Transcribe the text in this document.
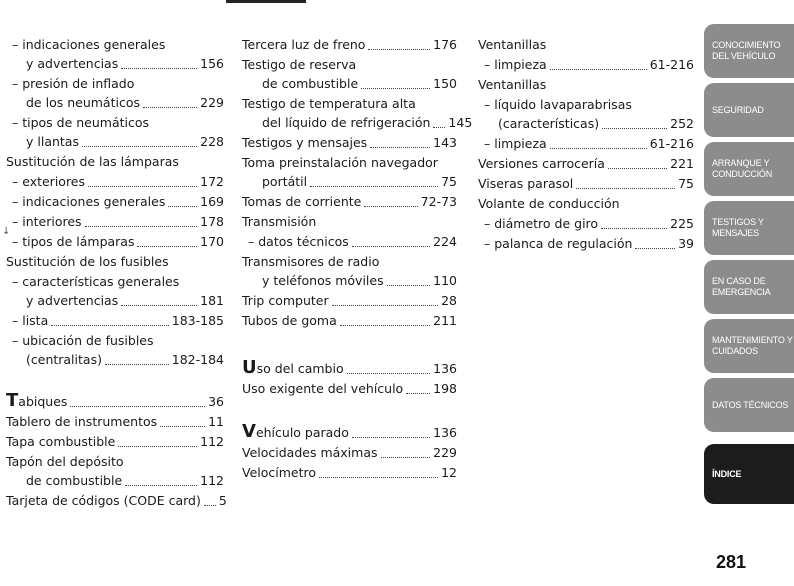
↓
– indicaciones generales
y advertencias	156
– presión de inflado
de los neumáticos	229
– tipos de neumáticos
y llantas	228
Sustitución de las lámparas
– exteriores	172
– indicaciones generales	169
– interiores	178
– tipos de lámparas	170
Sustitución de los fusibles
– características generales
y advertencias	181
– lista	183-185
– ubicación de fusibles
(centralitas)	182-184
Tabiques	36
Tablero de instrumentos	11
Tapa combustible	112
Tapón del depósito
de combustible	112
Tarjeta de códigos (CODE card) 5
Tercera luz de freno	176
Testigo de reserva
de combustible	150
Testigo de temperatura alta
del líquido de refrigeración 145
Testigos y mensajes	143
Toma preinstalación navegador
portátil	75
Tomas de corriente	72-73
Transmisión
– datos técnicos	224
Transmisores de radio
y teléfonos móviles	110
Trip computer	28
Tubos de goma	211
Uso del cambio	136
Uso exigente del vehículo 198
Vehículo parado	136
Velocidades máximas	229
Velocímetro	12
Ventanillas
– limpieza	61-216
Ventanillas
– líquido lavaparabrisas
(características)	252
– limpieza	61-216
Versiones carrocería	221
Viseras parasol	75
Volante de conducción
– diámetro de giro	225
– palanca de regulación	39
CONOCIMIENTO DEL VEHÍCULO
SEGURIDAD
ARRANQUE Y CONDUCCIÓN
TESTIGOS Y MENSAJES
EN CASO DE EMERGENCIA
MANTENIMIENTO Y CUIDADOS
DATOS TÉCNICOS
ÍNDICE
281
